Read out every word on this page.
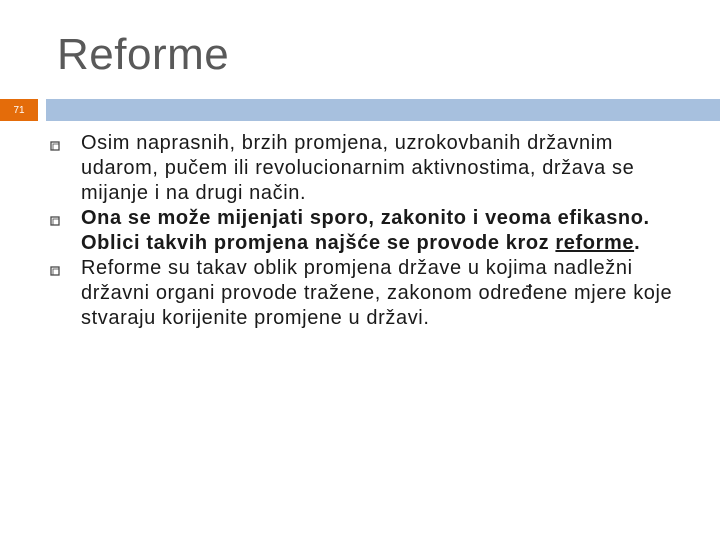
Reforme
71
Osim naprasnih, brzih promjena, uzrokovbanih državnim udarom, pučem ili revolucionarnim aktivnostima, država se mijanje i na drugi način.
Ona se može mijenjati sporo, zakonito i veoma efikasno. Oblici takvih promjena najšće se provode kroz reforme.
Reforme su takav oblik promjena države u kojima nadležni državni organi provode tražene, zakonom određene mjere koje stvaraju korijenite promjene u državi.
